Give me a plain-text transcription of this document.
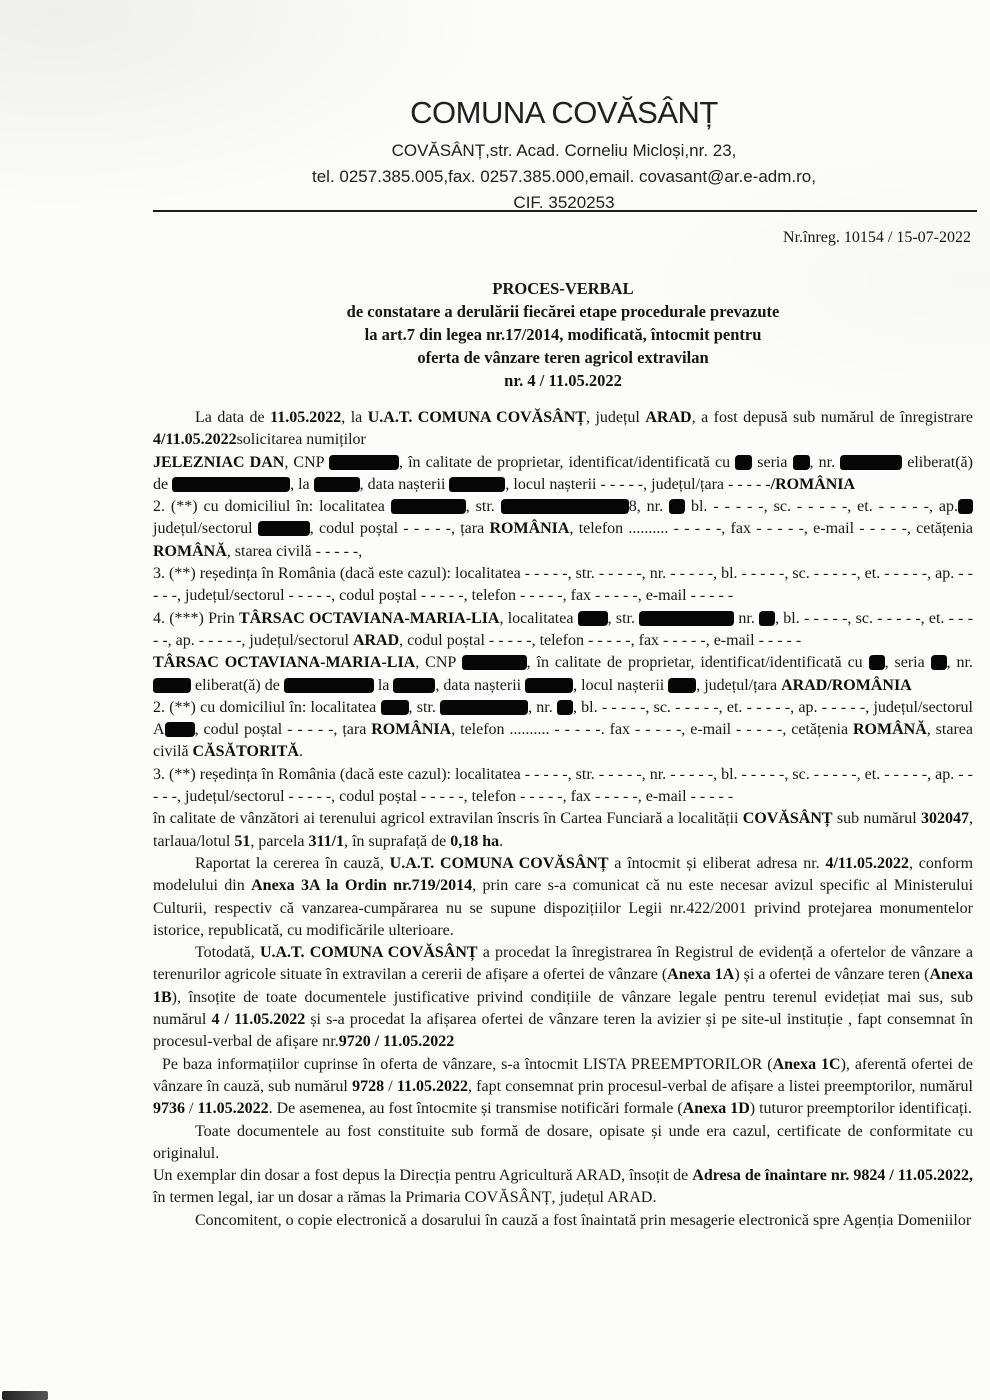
COMUNA COVĂSÂNȚ
COVĂSÂNȚ,str. Acad. Corneliu Micloși,nr. 23,
tel. 0257.385.005,fax. 0257.385.000,email. covasant@ar.e-adm.ro,
CIF. 3520253
Nr.înreg. 10154 / 15-07-2022
PROCES-VERBAL
de constatare a derulării fiecărei etape procedurale prevazute
la art.7 din legea nr.17/2014, modificată, întocmit pentru
oferta de vânzare teren agricol extravilan
nr. 4 / 11.05.2022

La data de 11.05.2022, la U.A.T. COMUNA COVĂSÂNȚ, județul ARAD, a fost depusă sub numărul de înregistrare 4/11.05.2022solicitarea numiților

JELEZNIAC DAN, CNP	, în calitate de proprietar, identificat/identificată cu  seria , nr.	eliberat(ă) de	, la	, data nașterii	, locul nașterii - - - - -, județul/țara - - - - -/ROMÂNIA

2. (**) cu domiciliul în: localitatea	, str.	8, nr.  bl. - - - - -, sc. - - - - -, et. - - - - -, ap.județul/sectorul	, codul poștal - - - - -, țara ROMÂNIA, telefon .......... - - - - -, fax - - - - -, e-mail - - - - -, cetățenia ROMÂNĂ, starea civilă - - - - -,

3. (**) reședința în România (dacă este cazul): localitatea - - - - -, str. - - - - -, nr. - - - - -, bl. - - - - -, sc. - - - - -, et. - - - - -, ap. - - - - -, județul/sectorul - - - - -, codul poștal - - - - -, telefon - - - - -, fax - - - - -, e-mail - - - - -

4. (***) Prin TÂRSAC OCTAVIANA-MARIA-LIA, localitatea , str.	nr. , bl. - - - - -, sc. - - - - -, et. - - - - -, ap. - - - - -, județul/sectorul ARAD, codul poștal - - - - -, telefon - - - - -, fax - - - - -, e-mail - - - - -

TÂRSAC OCTAVIANA-MARIA-LIA, CNP	, în calitate de proprietar, identificat/identificată cu , seria , nr.  eliberat(ă) de	la	, data nașterii	, locul nașterii , județul/țara ARAD/ROMÂNIA

2. (**) cu domiciliul în: localitatea , str.	, nr. , bl. - - - - -, sc. - - - - -, et. - - - - -, ap. - - - - -, județul/sectorul A , codul poștal - - - - -, țara ROMÂNIA, telefon .......... - - - - -. fax - - - - -, e-mail - - - - -, cetățenia ROMÂNĂ, starea civilă CĂSĂTORITĂ.

3. (**) reședința în România (dacă este cazul): localitatea - - - - -, str. - - - - -, nr. - - - - -, bl. - - - - -, sc. - - - - -, et. - - - - -, ap. - - - - -, județul/sectorul - - - - -, codul poștal - - - - -, telefon - - - - -, fax - - - - -, e-mail - - - - -

în calitate de vânzători ai terenului agricol extravilan înscris în Cartea Funciară a localității COVĂSÂNȚ sub numărul 302047, tarlaua/lotul 51, parcela 311/1, în suprafață de 0,18 ha.

Raportat la cererea în cauză, U.A.T. COMUNA COVĂSÂNȚ a întocmit și eliberat adresa nr. 4/11.05.2022, conform modelului din Anexa 3A la Ordin nr.719/2014, prin care s-a comunicat că nu este necesar avizul specific al Ministerului Culturii, respectiv că vanzarea-cumpărarea nu se supune dispozițiilor Legii nr.422/2001 privind protejarea monumentelor istorice, republicată, cu modificările ulterioare.

Totodată, U.A.T. COMUNA COVĂSÂNȚ a procedat la înregistrarea în Registrul de evidență a ofertelor de vânzare a terenurilor agricole situate în extravilan a cererii de afișare a ofertei de vânzare (Anexa 1A) și a ofertei de vânzare teren (Anexa 1B), însoțite de toate documentele justificative privind condițiile de vânzare legale pentru terenul evidețiat mai sus, sub numărul 4 / 11.05.2022 și s-a procedat la afișarea ofertei de vânzare teren la avizier și pe site-ul instituție , fapt consemnat în procesul-verbal de afișare nr.9720 / 11.05.2022

Pe baza informațiilor cuprinse în oferta de vânzare, s-a întocmit LISTA PREEMPTORILOR (Anexa 1C), aferentă ofertei de vânzare în cauză, sub numărul 9728 / 11.05.2022, fapt consemnat prin procesul-verbal de afișare a listei preemptorilor, numărul 9736 / 11.05.2022. De asemenea, au fost întocmite și transmise notificări formale (Anexa 1D) tuturor preemptorilor identificați.

Toate documentele au fost constituite sub formă de dosare, opisate și unde era cazul, certificate de conformitate cu originalul.

Un exemplar din dosar a fost depus la Direcția pentru Agricultură ARAD, însoțit de Adresa de înaintare nr. 9824 / 11.05.2022, în termen legal, iar un dosar a rămas la Primaria COVĂSÂNȚ, județul ARAD.

Concomitent, o copie electronică a dosarului în cauză a fost înaintată prin mesagerie electronică spre Agenția Domeniilor
